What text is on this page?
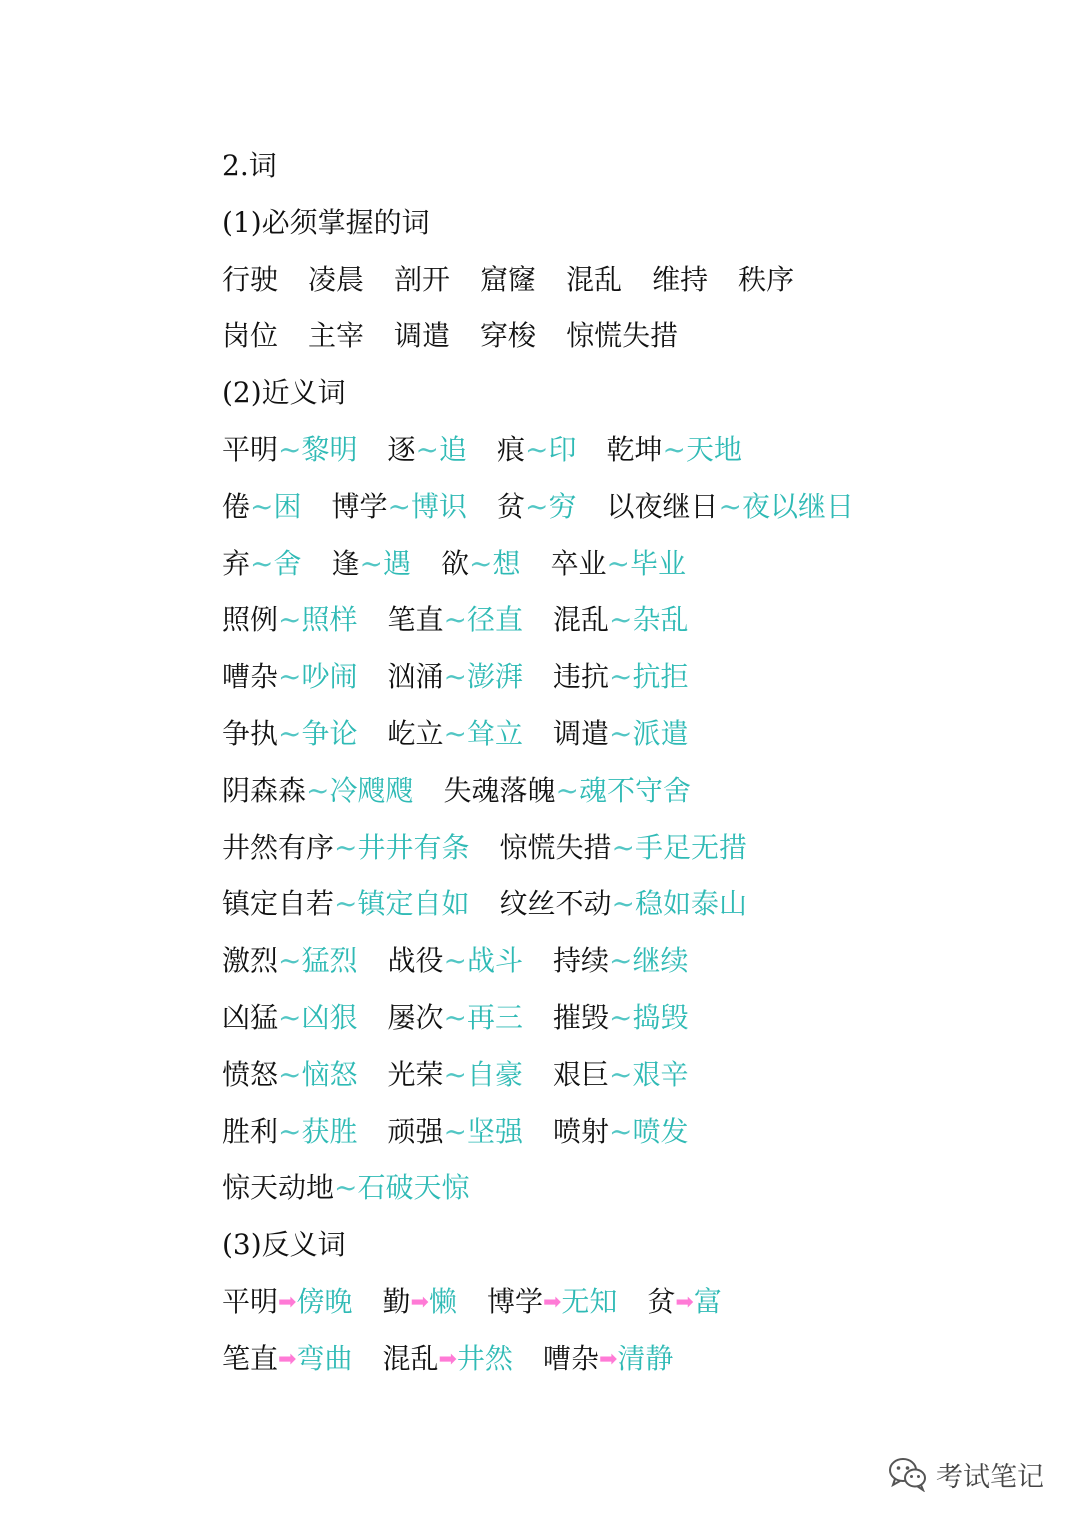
2.词
(1)必须掌握的词
行驶 凌晨 剖开 窟窿 混乱 维持 秩序
岗位 主宰 调遣 穿梭 惊慌失措
(2)近义词
平明~黎明 逐~追 痕~印 乾坤~天地
倦~困 博学~博识 贫~穷 以夜继日~夜以继日
弃~舍 逢~遇 欲~想 卒业~毕业
照例~照样 笔直~径直 混乱~杂乱
嘈杂~吵闹 汹涌~澎湃 违抗~抗拒
争执~争论 屹立~耸立 调遣~派遣
阴森森~冷飕飕 失魂落魄~魂不守舍
井然有序~井井有条 惊慌失措~手足无措
镇定自若~镇定自如 纹丝不动~稳如泰山
激烈~猛烈 战役~战斗 持续~继续
凶猛~凶狠 屡次~再三 摧毁~捣毁
愤怒~恼怒 光荣~自豪 艰巨~艰辛
胜利~获胜 顽强~坚强 喷射~喷发
惊天动地~石破天惊
(3)反义词
平明➡傍晚 勤➡懒 博学➡无知 贫➡富
笔直➡弯曲 混乱➡井然 嘈杂➡清静
考试笔记
